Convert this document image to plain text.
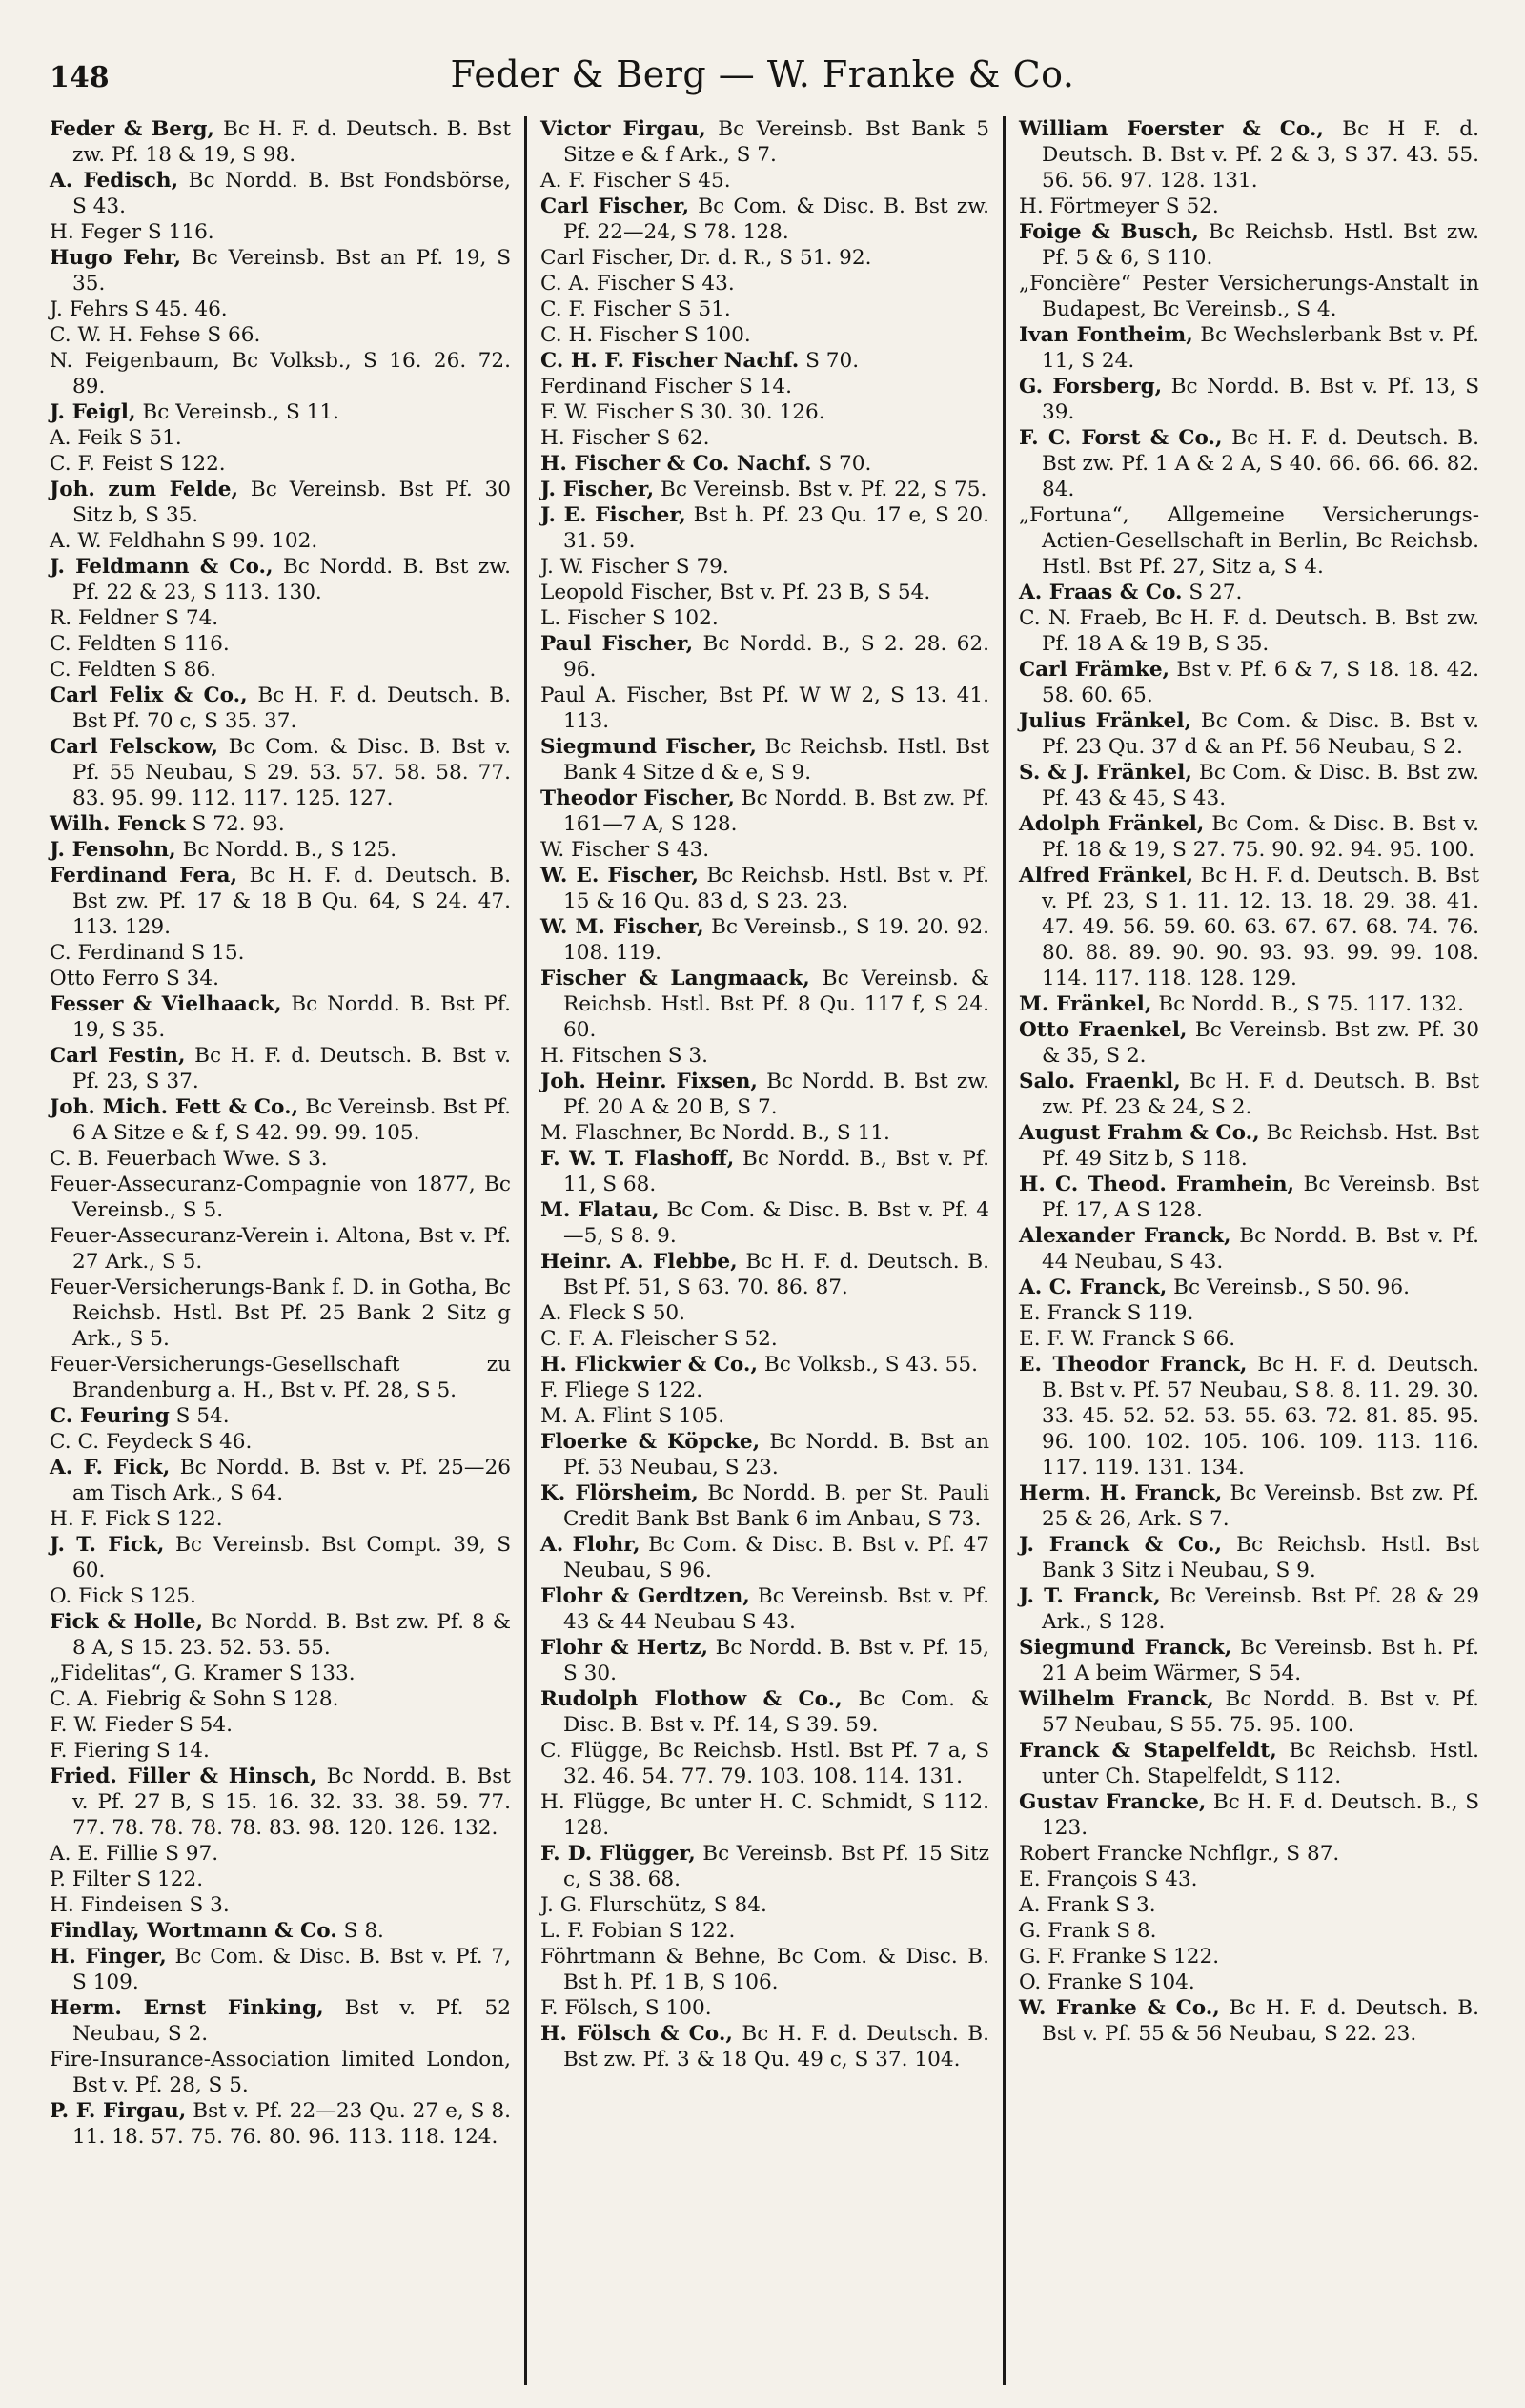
148	Feder & Berg — W. Franke & Co.

Feder & Berg, Bc H. F. d. Deutsch. B. Bst zw. Pf. 18 & 19, S 98.

A. Fedisch, Bc Nordd. B. Bst Fondsbörse, S 43.

H. Feger S 116.

Hugo Fehr, Bc Vereinsb. Bst an Pf. 19, S 35.

J. Fehrs S 45. 46.

C. W. H. Fehse S 66.

N. Feigenbaum, Bc Volksb., S 16. 26. 72. 89.

J. Feigl, Bc Vereinsb., S 11.

A. Feik S 51.

C. F. Feist S 122.

Joh. zum Felde, Bc Vereinsb. Bst Pf. 30 Sitz b, S 35.

A. W. Feldhahn S 99. 102.

J. Feldmann & Co., Bc Nordd. B. Bst zw. Pf. 22 & 23, S 113. 130.

R. Feldner S 74.

C. Feldten S 116.

C. Feldten S 86.

Carl Felix & Co., Bc H. F. d. Deutsch. B. Bst Pf. 70 c, S 35. 37.

Carl Felsckow, Bc Com. & Disc. B. Bst v. Pf. 55 Neubau, S 29. 53. 57. 58. 58. 77. 83. 95. 99. 112. 117. 125. 127.

Wilh. Fenck S 72. 93.

J. Fensohn, Bc Nordd. B., S 125.

Ferdinand Fera, Bc H. F. d. Deutsch. B. Bst zw. Pf. 17 & 18 B Qu. 64, S 24. 47. 113. 129.

C. Ferdinand S 15.

Otto Ferro S 34.

Fesser & Vielhaack, Bc Nordd. B. Bst Pf. 19, S 35.

Carl Festin, Bc H. F. d. Deutsch. B. Bst v. Pf. 23, S 37.

Joh. Mich. Fett & Co., Bc Vereinsb. Bst Pf. 6 A Sitze e & f, S 42. 99. 99. 105.

C. B. Feuerbach Wwe. S 3.

Feuer-Assecuranz-Compagnie von 1877, Bc Vereinsb., S 5.

Feuer-Assecuranz-Verein i. Altona, Bst v. Pf. 27 Ark., S 5.

Feuer-Versicherungs-Bank f. D. in Gotha, Bc Reichsb. Hstl. Bst Pf. 25 Bank 2 Sitz g Ark., S 5.

Feuer-Versicherungs-Gesellschaft zu Brandenburg a. H., Bst v. Pf. 28, S 5.

C. Feuring S 54.

C. C. Feydeck S 46.

A. F. Fick, Bc Nordd. B. Bst v. Pf. 25—26 am Tisch Ark., S 64.

H. F. Fick S 122.

J. T. Fick, Bc Vereinsb. Bst Compt. 39, S 60.

O. Fick S 125.

Fick & Holle, Bc Nordd. B. Bst zw. Pf. 8 & 8 A, S 15. 23. 52. 53. 55.

„Fidelitas“, G. Kramer S 133.

C. A. Fiebrig & Sohn S 128.

F. W. Fieder S 54.

F. Fiering S 14.

Fried. Filler & Hinsch, Bc Nordd. B. Bst v. Pf. 27 B, S 15. 16. 32. 33. 38. 59. 77. 77. 78. 78. 78. 78. 83. 98. 120. 126. 132.

A. E. Fillie S 97.

P. Filter S 122.

H. Findeisen S 3.

Findlay, Wortmann & Co. S 8.

H. Finger, Bc Com. & Disc. B. Bst v. Pf. 7, S 109.

Herm. Ernst Finking, Bst v. Pf. 52 Neubau, S 2.

Fire-Insurance-Association limited London, Bst v. Pf. 28, S 5.

P. F. Firgau, Bst v. Pf. 22—23 Qu. 27 e, S 8. 11. 18. 57. 75. 76. 80. 96. 113. 118. 124.

Victor Firgau, Bc Vereinsb. Bst Bank 5 Sitze e & f Ark., S 7.

A. F. Fischer S 45.

Carl Fischer, Bc Com. & Disc. B. Bst zw. Pf. 22—24, S 78. 128.

Carl Fischer, Dr. d. R., S 51. 92.

C. A. Fischer S 43.

C. F. Fischer S 51.

C. H. Fischer S 100.

C. H. F. Fischer Nachf. S 70.

Ferdinand Fischer S 14.

F. W. Fischer S 30. 30. 126.

H. Fischer S 62.

H. Fischer & Co. Nachf. S 70.

J. Fischer, Bc Vereinsb. Bst v. Pf. 22, S 75.

J. E. Fischer, Bst h. Pf. 23 Qu. 17 e, S 20. 31. 59.

J. W. Fischer S 79.

Leopold Fischer, Bst v. Pf. 23 B, S 54.

L. Fischer S 102.

Paul Fischer, Bc Nordd. B., S 2. 28. 62. 96.

Paul A. Fischer, Bst Pf. W W 2, S 13. 41. 113.

Siegmund Fischer, Bc Reichsb. Hstl. Bst Bank 4 Sitze d & e, S 9.

Theodor Fischer, Bc Nordd. B. Bst zw. Pf. 161—7 A, S 128.

W. Fischer S 43.

W. E. Fischer, Bc Reichsb. Hstl. Bst v. Pf. 15 & 16 Qu. 83 d, S 23. 23.

W. M. Fischer, Bc Vereinsb., S 19. 20. 92. 108. 119.

Fischer & Langmaack, Bc Vereinsb. & Reichsb. Hstl. Bst Pf. 8 Qu. 117 f, S 24. 60.

H. Fitschen S 3.

Joh. Heinr. Fixsen, Bc Nordd. B. Bst zw. Pf. 20 A & 20 B, S 7.

M. Flaschner, Bc Nordd. B., S 11.

F. W. T. Flashoff, Bc Nordd. B., Bst v. Pf. 11, S 68.

M. Flatau, Bc Com. & Disc. B. Bst v. Pf. 4—5, S 8. 9.

Heinr. A. Flebbe, Bc H. F. d. Deutsch. B. Bst Pf. 51, S 63. 70. 86. 87.

A. Fleck S 50.

C. F. A. Fleischer S 52.

H. Flickwier & Co., Bc Volksb., S 43. 55.

F. Fliege S 122.

M. A. Flint S 105.

Floerke & Köpcke, Bc Nordd. B. Bst an Pf. 53 Neubau, S 23.

K. Flörsheim, Bc Nordd. B. per St. Pauli Credit Bank Bst Bank 6 im Anbau, S 73.

A. Flohr, Bc Com. & Disc. B. Bst v. Pf. 47 Neubau, S 96.

Flohr & Gerdtzen, Bc Vereinsb. Bst v. Pf. 43 & 44 Neubau S 43.

Flohr & Hertz, Bc Nordd. B. Bst v. Pf. 15, S 30.

Rudolph Flothow & Co., Bc Com. & Disc. B. Bst v. Pf. 14, S 39. 59.

C. Flügge, Bc Reichsb. Hstl. Bst Pf. 7 a, S 32. 46. 54. 77. 79. 103. 108. 114. 131.

H. Flügge, Bc unter H. C. Schmidt, S 112. 128.

F. D. Flügger, Bc Vereinsb. Bst Pf. 15 Sitz c, S 38. 68.

J. G. Flurschütz, S 84.

L. F. Fobian S 122.

Föhrtmann & Behne, Bc Com. & Disc. B. Bst h. Pf. 1 B, S 106.

F. Fölsch, S 100.

H. Fölsch & Co., Bc H. F. d. Deutsch. B. Bst zw. Pf. 3 & 18 Qu. 49 c, S 37. 104.

William Foerster & Co., Bc H F. d. Deutsch. B. Bst v. Pf. 2 & 3, S 37. 43. 55. 56. 56. 97. 128. 131.

H. Förtmeyer S 52.

Foige & Busch, Bc Reichsb. Hstl. Bst zw. Pf. 5 & 6, S 110.

„Foncière“ Pester Versicherungs-Anstalt in Budapest, Bc Vereinsb., S 4.

Ivan Fontheim, Bc Wechslerbank Bst v. Pf. 11, S 24.

G. Forsberg, Bc Nordd. B. Bst v. Pf. 13, S 39.

F. C. Forst & Co., Bc H. F. d. Deutsch. B. Bst zw. Pf. 1 A & 2 A, S 40. 66. 66. 66. 82. 84.

„Fortuna“, Allgemeine Versicherungs-Actien-Gesellschaft in Berlin, Bc Reichsb. Hstl. Bst Pf. 27, Sitz a, S 4.

A. Fraas & Co. S 27.

C. N. Fraeb, Bc H. F. d. Deutsch. B. Bst zw. Pf. 18 A & 19 B, S 35.

Carl Främke, Bst v. Pf. 6 & 7, S 18. 18. 42. 58. 60. 65.

Julius Fränkel, Bc Com. & Disc. B. Bst v. Pf. 23 Qu. 37 d & an Pf. 56 Neubau, S 2.

S. & J. Fränkel, Bc Com. & Disc. B. Bst zw. Pf. 43 & 45, S 43.

Adolph Fränkel, Bc Com. & Disc. B. Bst v. Pf. 18 & 19, S 27. 75. 90. 92. 94. 95. 100.

Alfred Fränkel, Bc H. F. d. Deutsch. B. Bst v. Pf. 23, S 1. 11. 12. 13. 18. 29. 38. 41. 47. 49. 56. 59. 60. 63. 67. 67. 68. 74. 76. 80. 88. 89. 90. 90. 93. 93. 99. 99. 108. 114. 117. 118. 128. 129.

M. Fränkel, Bc Nordd. B., S 75. 117. 132.

Otto Fraenkel, Bc Vereinsb. Bst zw. Pf. 30 & 35, S 2.

Salo. Fraenkl, Bc H. F. d. Deutsch. B. Bst zw. Pf. 23 & 24, S 2.

August Frahm & Co., Bc Reichsb. Hst. Bst Pf. 49 Sitz b, S 118.

H. C. Theod. Framhein, Bc Vereinsb. Bst Pf. 17, A S 128.

Alexander Franck, Bc Nordd. B. Bst v. Pf. 44 Neubau, S 43.

A. C. Franck, Bc Vereinsb., S 50. 96.

E. Franck S 119.

E. F. W. Franck S 66.

E. Theodor Franck, Bc H. F. d. Deutsch. B. Bst v. Pf. 57 Neubau, S 8. 8. 11. 29. 30. 33. 45. 52. 52. 53. 55. 63. 72. 81. 85. 95. 96. 100. 102. 105. 106. 109. 113. 116. 117. 119. 131. 134.

Herm. H. Franck, Bc Vereinsb. Bst zw. Pf. 25 & 26, Ark. S 7.

J. Franck & Co., Bc Reichsb. Hstl. Bst Bank 3 Sitz i Neubau, S 9.

J. T. Franck, Bc Vereinsb. Bst Pf. 28 & 29 Ark., S 128.

Siegmund Franck, Bc Vereinsb. Bst h. Pf. 21 A beim Wärmer, S 54.

Wilhelm Franck, Bc Nordd. B. Bst v. Pf. 57 Neubau, S 55. 75. 95. 100.

Franck & Stapelfeldt, Bc Reichsb. Hstl. unter Ch. Stapelfeldt, S 112.

Gustav Francke, Bc H. F. d. Deutsch. B., S 123.

Robert Francke Nchflgr., S 87.

E. François S 43.

A. Frank S 3.

G. Frank S 8.

G. F. Franke S 122.

O. Franke S 104.

W. Franke & Co., Bc H. F. d. Deutsch. B. Bst v. Pf. 55 & 56 Neubau, S 22. 23.
